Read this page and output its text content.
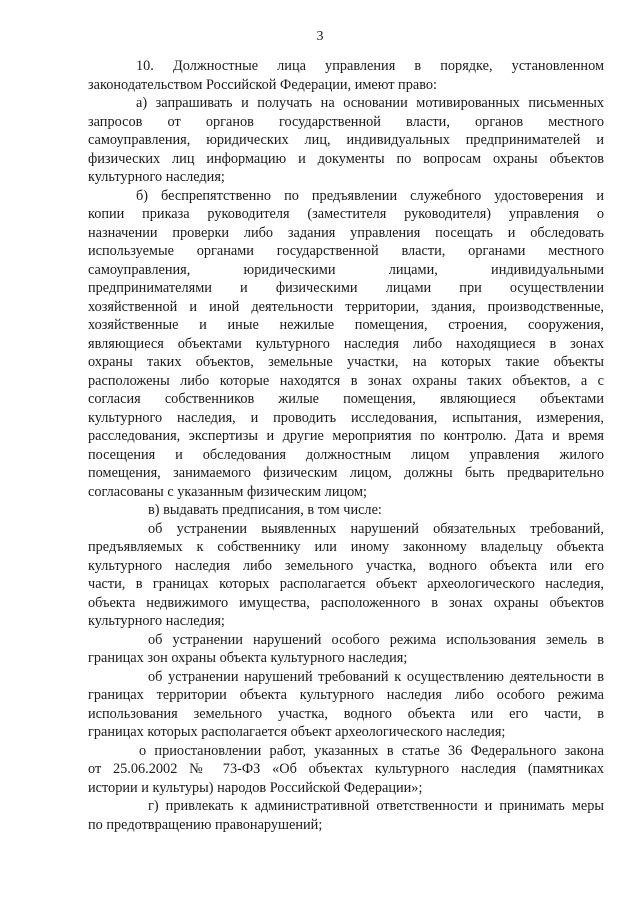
3
10. Должностные лица управления в порядке, установленном
законодательством Российской Федерации, имеют право:
а) запрашивать и получать на основании мотивированных письменных
запросов от органов государственной власти, органов местного
самоуправления, юридических лиц, индивидуальных предпринимателей и
физических лиц информацию и документы по вопросам охраны объектов
культурного наследия;
б) беспрепятственно по предъявлении служебного удостоверения и
копии приказа руководителя (заместителя руководителя) управления о
назначении проверки либо задания управления посещать и обследовать
используемые органами государственной власти, органами местного
самоуправления, юридическими лицами, индивидуальными
предпринимателями и физическими лицами при осуществлении
хозяйственной и иной деятельности территории, здания, производственные,
хозяйственные и иные нежилые помещения, строения, сооружения,
являющиеся объектами культурного наследия либо находящиеся в зонах
охраны таких объектов, земельные участки, на которых такие объекты
расположены либо которые находятся в зонах охраны таких объектов, а с
согласия собственников жилые помещения, являющиеся объектами
культурного наследия, и проводить исследования, испытания, измерения,
расследования, экспертизы и другие мероприятия по контролю. Дата и время
посещения и обследования должностным лицом управления жилого
помещения, занимаемого физическим лицом, должны быть предварительно
согласованы с указанным физическим лицом;
в) выдавать предписания, в том числе:
об устранении выявленных нарушений обязательных требований,
предъявляемых к собственнику или иному законному владельцу объекта
культурного наследия либо земельного участка, водного объекта или его
части, в границах которых располагается объект археологического наследия,
объекта недвижимого имущества, расположенного в зонах охраны объектов
культурного наследия;
об устранении нарушений особого режима использования земель в
границах зон охраны объекта культурного наследия;
об устранении нарушений требований к осуществлению деятельности в
границах территории объекта культурного наследия либо особого режима
использования земельного участка, водного объекта или его части, в
границах которых располагается объект археологического наследия;
о приостановлении работ, указанных в статье 36 Федерального закона
от 25.06.2002 № 73-ФЗ «Об объектах культурного наследия (памятниках
истории и культуры) народов Российской Федерации»;
г) привлекать к административной ответственности и принимать меры
по предотвращению правонарушений;
